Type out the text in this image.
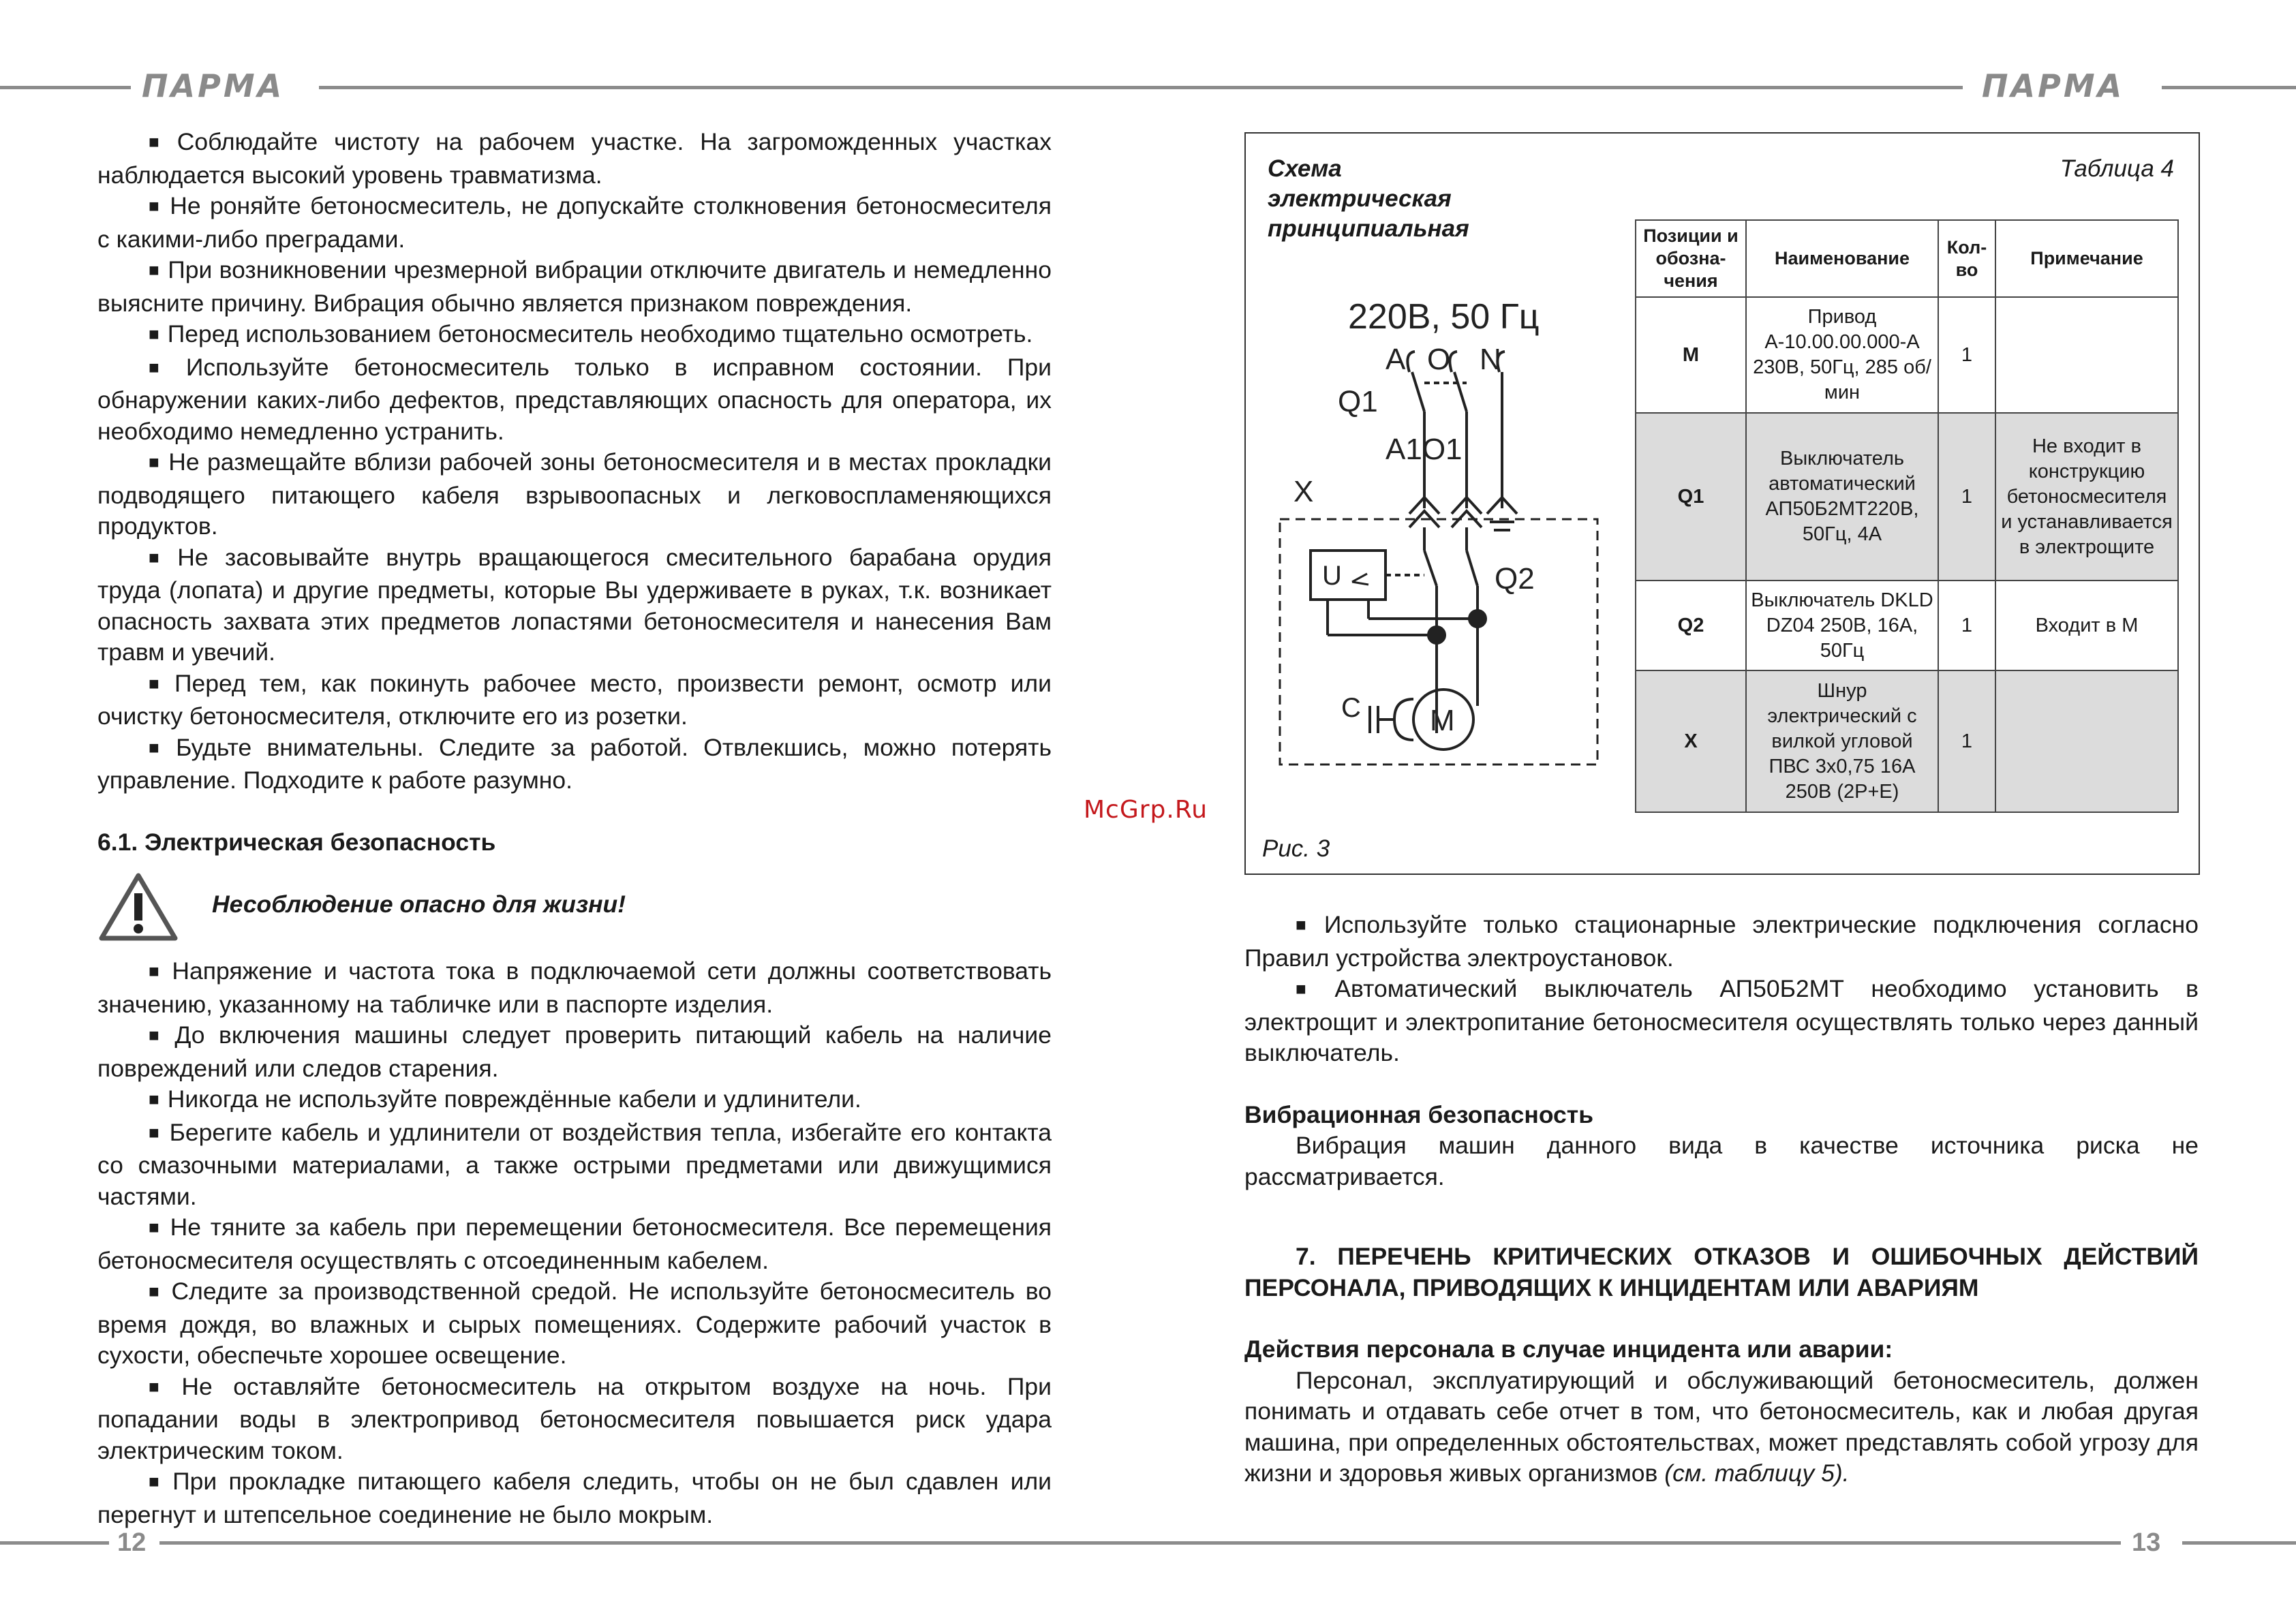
ПАРМА	ПАРМА
12	13

■ Соблюдайте чистоту на рабочем участке. На загроможденных участках наблюдается высокий уровень травматизма.

■ Не роняйте бетоносмеситель, не допускайте столкновения бетоносмесителя с какими-либо преградами.

■ При возникновении чрезмерной вибрации отключите двигатель и немедленно выясните причину. Вибрация обычно является признаком повреждения.

■ Перед использованием бетоносмеситель необходимо тщательно осмотреть.

■ Используйте бетоносмеситель только в исправном состоянии. При обнаружении каких-либо дефектов, представляющих опасность для оператора, их необходимо немедленно устранить.

■ Не размещайте вблизи рабочей зоны бетоносмесителя и в местах прокладки подводящего питающего кабеля взрывоопасных и легковоспламеняющихся продуктов.

■ Не засовывайте внутрь вращающегося смесительного барабана орудия труда (лопата) и другие предметы, которые Вы удерживаете в руках, т.к. возникает опасность захвата этих предметов лопастями бетоносмесителя и нанесения Вам травм и увечий.

■ Перед тем, как покинуть рабочее место, произвести ремонт, осмотр или очистку бетоносмесителя, отключите его из розетки.

■ Будьте внимательны. Следите за работой. Отвлекшись, можно потерять управление. Подходите к работе разумно.

6.1. Электрическая безопасность

Несоблюдение опасно для жизни!

■ Напряжение и частота тока в подключаемой сети должны соответствовать значению, указанному на табличке или в паспорте изделия.

■ До включения машины следует проверить питающий кабель на наличие повреждений или следов старения.

■ Никогда не используйте повреждённые кабели и удлинители.

■ Берегите кабель и удлинители от воздействия тепла, избегайте его контакта со смазочными материалами, а также острыми предметами или движущимися частями.

■ Не тяните за кабель при перемещении бетоносмесителя. Все перемещения бетоносмесителя осуществлять с отсоединенным кабелем.

■ Следите за производственной средой. Не используйте бетоносмеситель во время дождя, во влажных и сырых помещениях. Содержите рабочий участок в сухости, обеспечьте хорошее освещение.

■ Не оставляйте бетоносмеситель на открытом воздухе на ночь. При попадании воды в электропривод бетоносмесителя повышается риск удара электрическим током.

■ При прокладке питающего кабеля следить, чтобы он не был сдавлен или перегнут и штепсельное соединение не было мокрым.

McGrp.Ru
Схема
электрическая
принципиальная
Таблица 4
220В, 50 Гц
A O N
Q1
A1O1
X
Q2
U
M
C
Позиции и обозна-чения	Наименование	Кол-во	Примечание
M	Привод А-10.00.00.000-А 230В, 50Гц, 285 об/мин	1	
Q1	Выключатель автоматический АП50Б2МТ220В, 50Гц, 4А	1	Не входит в конструкцию бетоносмесителя и устанавливается в электрощите
Q2	Выключатель DKLD DZ04 250В, 16А, 50Гц	1	Входит в М
X	Шнур электрический с вилкой угловой ПВС 3х0,75 16А 250В (2Р+Е)	1	
Рис. 3

■ Используйте только стационарные электрические подключения согласно Правил устройства электроустановок.

■ Автоматический выключатель АП50Б2МТ необходимо установить в электрощит и электропитание бетоносмесителя осуществлять только через данный выключатель.

Вибрационная безопасность

Вибрация машин данного вида в качестве источника риска не рассматривается.

7. ПЕРЕЧЕНЬ КРИТИЧЕСКИХ ОТКАЗОВ И ОШИБОЧНЫХ ДЕЙСТВИЙ ПЕРСОНАЛА, ПРИВОДЯЩИХ К ИНЦИДЕНТАМ ИЛИ АВАРИЯМ

Действия персонала в случае инцидента или аварии:

Персонал, эксплуатирующий и обслуживающий бетоносмеситель, должен понимать и отдавать себе отчет в том, что бетоносмеситель, как и любая другая машина, при определенных обстоятельствах, может представлять собой угрозу для жизни и здоровья живых организмов (см. таблицу 5).
